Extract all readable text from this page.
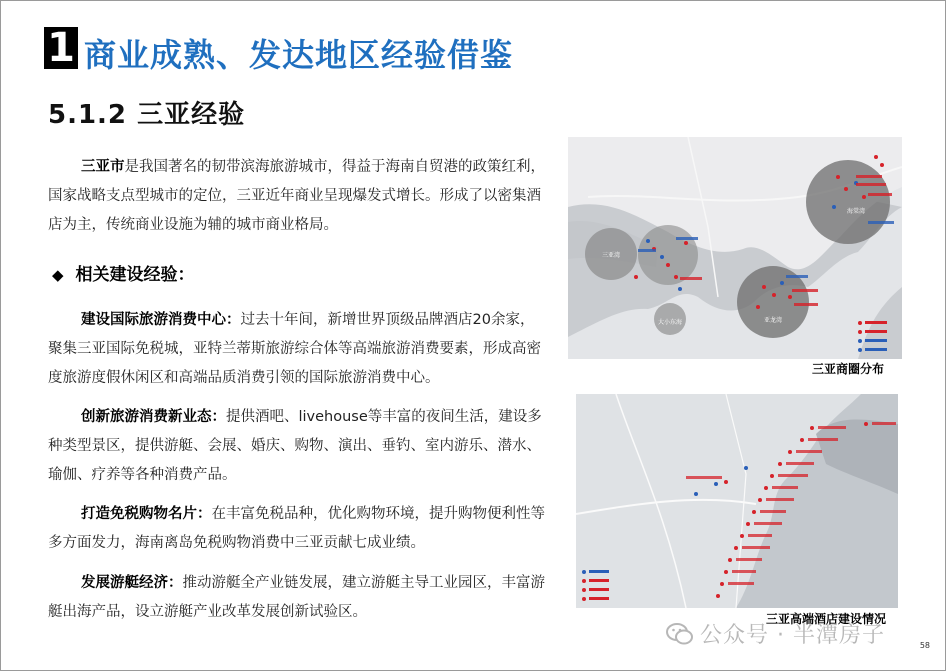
1 商业成熟、发达地区经验借鉴
5.1.2 三亚经验
三亚市是我国著名的韧带滨海旅游城市，得益于海南自贸港的政策红利，国家战略支点型城市的定位，三亚近年商业呈现爆发式增长。形成了以密集酒店为主，传统商业设施为辅的城市商业格局。
◆ 相关建设经验：
建设国际旅游消费中心：过去十年间，新增世界顶级品牌酒店20余家，聚集三亚国际免税城，亚特兰蒂斯旅游综合体等高端旅游消费要素，形成高密度旅游度假休闲区和高端品质消费引领的国际旅游消费中心。
创新旅游消费新业态：提供酒吧、livehouse等丰富的夜间生活，建设多种类型景区，提供游艇、会展、婚庆、购物、演出、垂钓、室内游乐、潜水、瑜伽、疗养等各种消费产品。
打造免税购物名片：在丰富免税品种，优化购物环境，提升购物便利性等多方面发力，海南离岛免税购物消费中三亚贡献七成业绩。
发展游艇经济：推动游艇全产业链发展，建立游艇主导工业园区，丰富游艇出海产品，设立游艇产业改革发展创新试验区。
三亚湾
大小东海	亚龙湾
海棠湾
三亚商圈分布
三亚高端酒店建设情况
公众号 · 半潭房子	58
